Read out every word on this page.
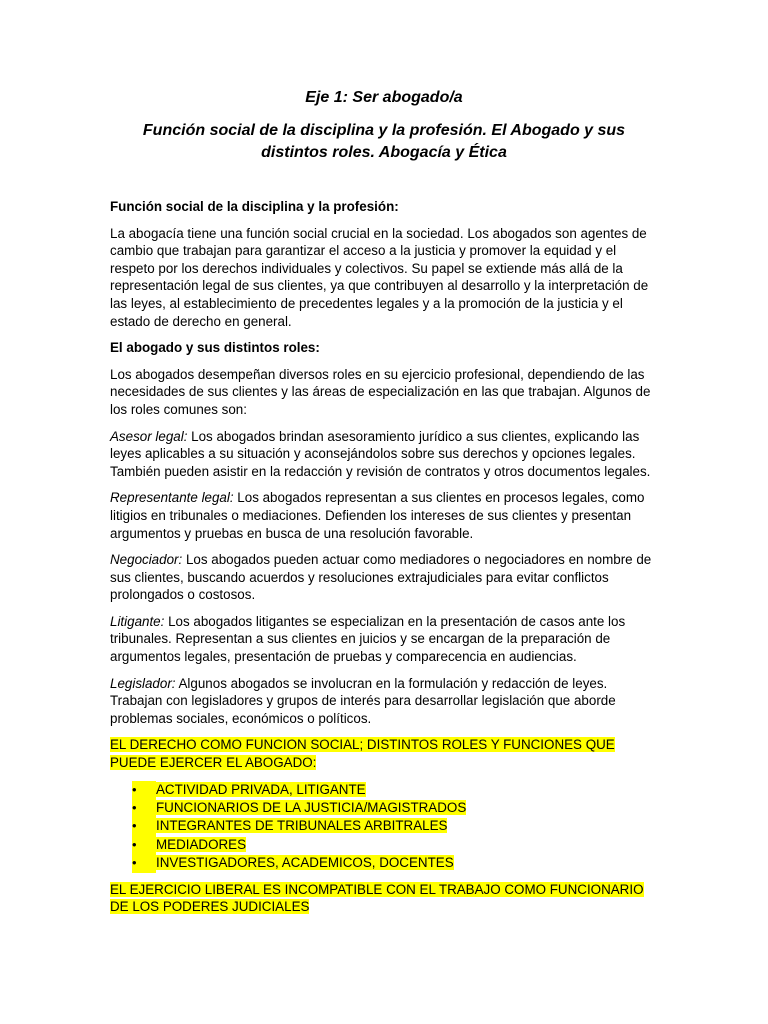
Eje 1: Ser abogado/a
Función social de la disciplina y la profesión. El Abogado y sus distintos roles. Abogacía y Ética

Función social de la disciplina y la profesión:

La abogacía tiene una función social crucial en la sociedad. Los abogados son agentes de cambio que trabajan para garantizar el acceso a la justicia y promover la equidad y el respeto por los derechos individuales y colectivos. Su papel se extiende más allá de la representación legal de sus clientes, ya que contribuyen al desarrollo y la interpretación de las leyes, al establecimiento de precedentes legales y a la promoción de la justicia y el estado de derecho en general.

El abogado y sus distintos roles:

Los abogados desempeñan diversos roles en su ejercicio profesional, dependiendo de las necesidades de sus clientes y las áreas de especialización en las que trabajan. Algunos de los roles comunes son:

Asesor legal: Los abogados brindan asesoramiento jurídico a sus clientes, explicando las leyes aplicables a su situación y aconsejándolos sobre sus derechos y opciones legales. También pueden asistir en la redacción y revisión de contratos y otros documentos legales.

Representante legal: Los abogados representan a sus clientes en procesos legales, como litigios en tribunales o mediaciones. Defienden los intereses de sus clientes y presentan argumentos y pruebas en busca de una resolución favorable.

Negociador: Los abogados pueden actuar como mediadores o negociadores en nombre de sus clientes, buscando acuerdos y resoluciones extrajudiciales para evitar conflictos prolongados o costosos.

Litigante: Los abogados litigantes se especializan en la presentación de casos ante los tribunales. Representan a sus clientes en juicios y se encargan de la preparación de argumentos legales, presentación de pruebas y comparecencia en audiencias.

Legislador: Algunos abogados se involucran en la formulación y redacción de leyes. Trabajan con legisladores y grupos de interés para desarrollar legislación que aborde problemas sociales, económicos o políticos.

EL DERECHO COMO FUNCION SOCIAL; DISTINTOS ROLES Y FUNCIONES QUE PUEDE EJERCER EL ABOGADO:

•	ACTIVIDAD PRIVADA, LITIGANTE
•	FUNCIONARIOS DE LA JUSTICIA/MAGISTRADOS
•	INTEGRANTES DE TRIBUNALES ARBITRALES
•	MEDIADORES
•	INVESTIGADORES, ACADEMICOS, DOCENTES

EL EJERCICIO LIBERAL ES INCOMPATIBLE CON EL TRABAJO COMO FUNCIONARIO DE LOS PODERES JUDICIALES
